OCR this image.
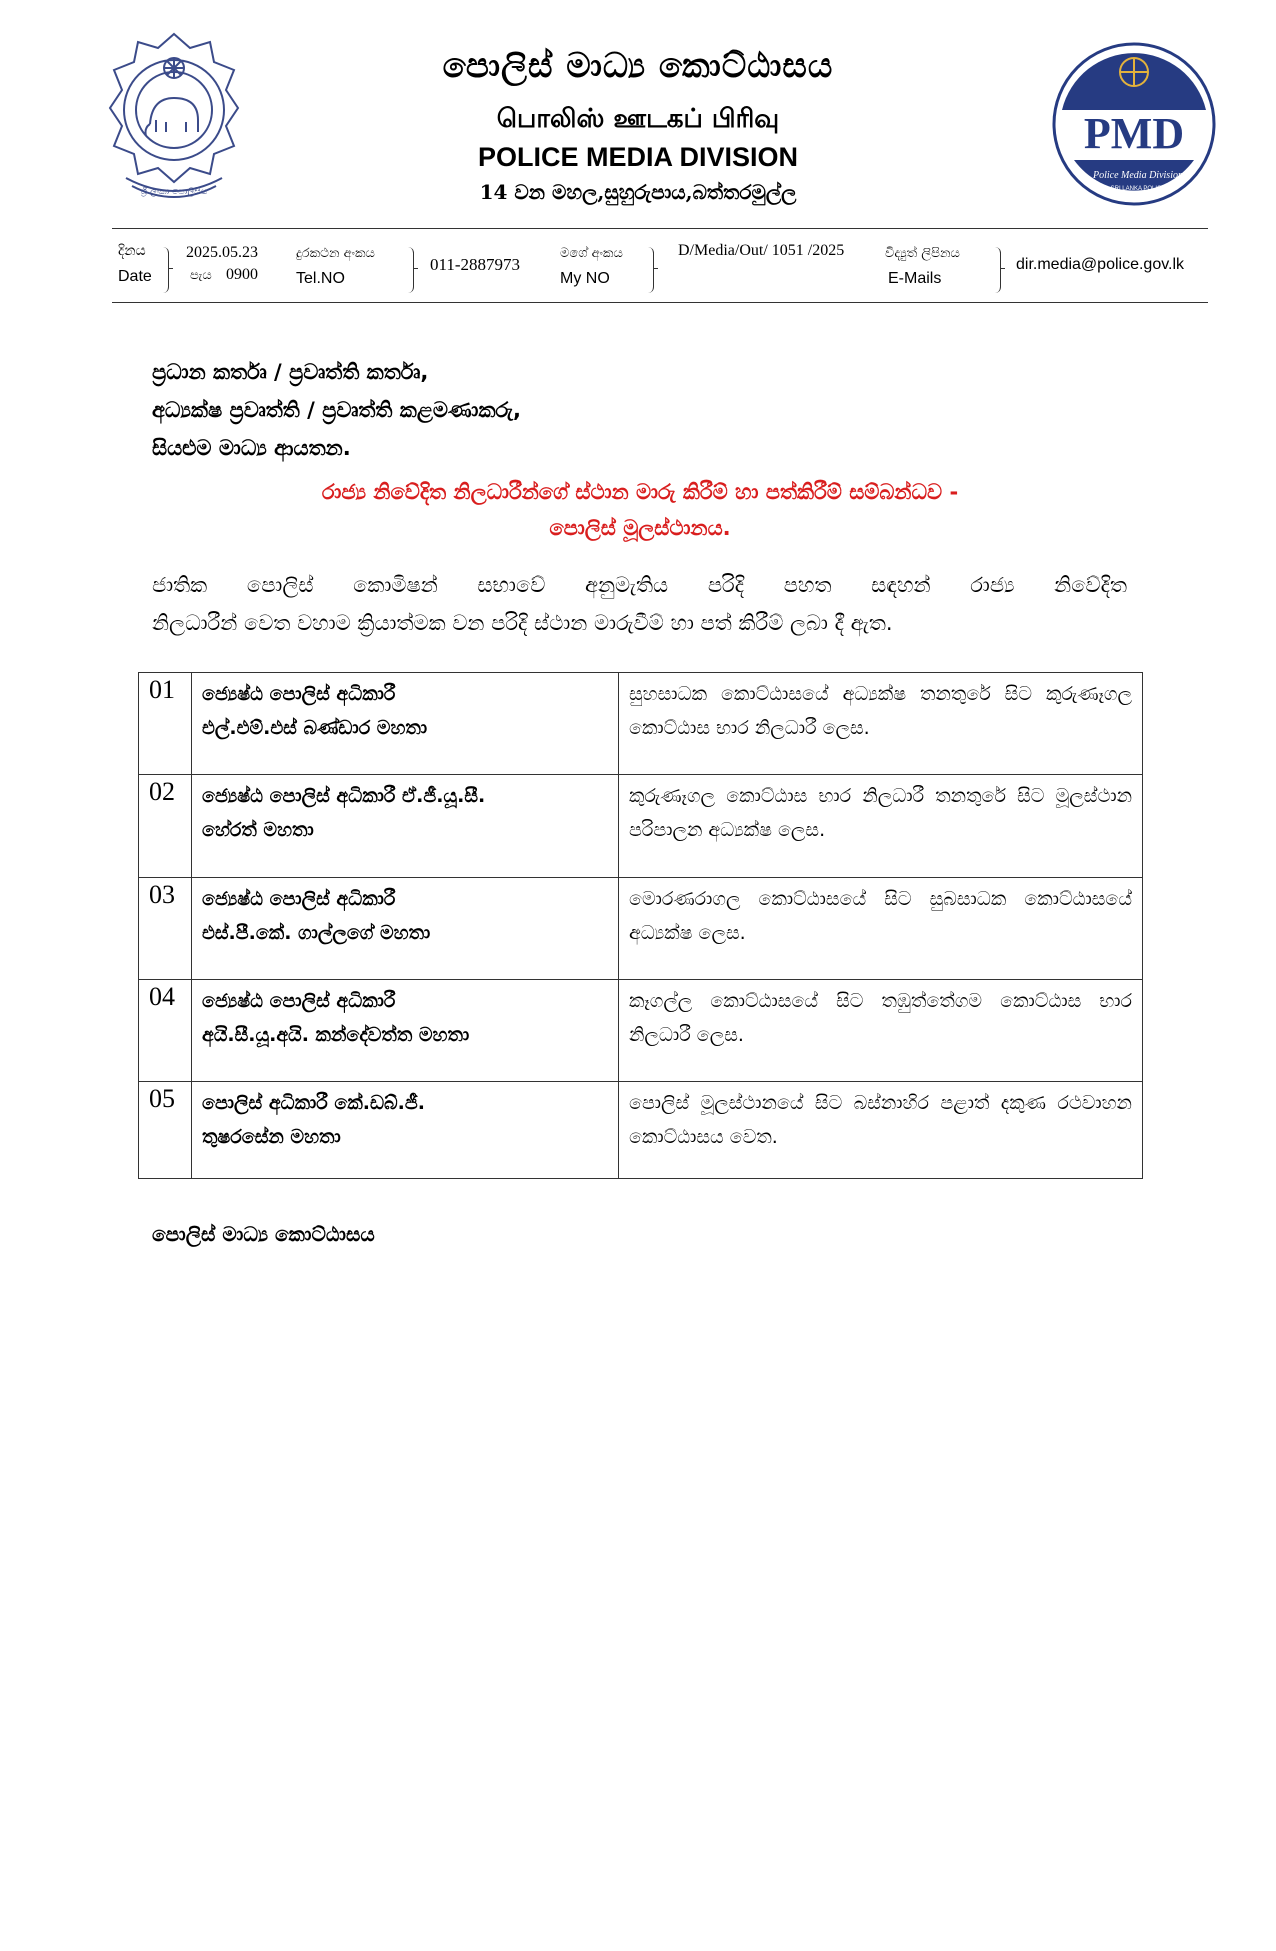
ශ්‍රී ලංකා පොලිසිය
PMD
Police Media Division
SRI LANKA POLICE
පොලිස් මාධ්‍ය කොට්ඨාසය
பொலிஸ் ஊடகப் பிரிவு
POLICE MEDIA DIVISION
14 වන මහල,සුහුරුපාය,බත්තරමුල්ල
දිනය
Date
2025.05.23
පැය 0900
දුරකථන අංකය
Tel.NO
011-2887973
මගේ අංකය
My NO
D/Media/Out/ 1051 /2025	විද්‍යුත් ලිපිනය
E-Mails
dir.media@police.gov.lk
ප්‍රධාන කර්තෘ / ප්‍රවෘත්ති කර්තෘ,
අධ්‍යක්ෂ ප්‍රවෘත්ති / ප්‍රවෘත්ති කළමණාකරු,
සියළුම මාධ්‍ය ආයතන.
රාජ්‍ය නිවේදිත නිලධාරීන්ගේ ස්ථාන මාරු කිරීම් හා පත්කිරීම් සම්බන්ධව -
පොලිස් මූලස්ථානය.
ජාතික පොලිස් කොමිෂන් සභාවේ අනුමැතිය පරිදි පහත සඳහන් රාජ්‍ය නිවේදිත
නිලධාරීන් වෙත වහාම ක්‍රියාත්මක වන පරිදි ස්ථාන මාරුවීම් හා පත් කිරීම් ලබා දී ඇත.
01	ජ්‍යෙෂ්ඨ පොලිස් අධිකාරී
එල්.එම්.එස් බණ්ඩාර මහතා	සුහසාධක කොට්ඨාසයේ අධ්‍යක්ෂ තනතුරේ සිට කුරුණෑගල කොට්ඨාස භාර නිලධාරී ලෙස.
02	ජ්‍යෙෂ්ඨ පොලිස් අධිකාරී ඒ.ජී.යූ.සී.
හේරත් මහතා	කුරුණෑගල කොට්ඨාස භාර නිලධාරී තනතුරේ සිට මූලස්ථාන පරිපාලන අධ්‍යක්ෂ ලෙස.
03	ජ්‍යෙෂ්ඨ පොලිස් අධිකාරී
එස්.පී.කේ. ගාල්ලගේ මහතා	මොරණරාගල කොට්ඨාසයේ සිට සුබසාධක කොට්ඨාසයේ අධ්‍යක්ෂ ලෙස.
04	ජ්‍යෙෂ්ඨ පොලිස් අධිකාරී
අයි.සී.යූ.අයි. කන්දේවත්ත මහතා	කෑගල්ල කොට්ඨාසයේ සිට තඹුත්තේගම කොට්ඨාස භාර නිලධාරී ලෙස.
05	පොලිස් අධිකාරී කේ.ඩබ්.ජී.
තුෂරසේන මහතා	පොලිස් මූලස්ථානයේ සිට බස්නාහිර පළාත් දකුණ රථවාහන කොට්ඨාසය වෙත.
පොලිස් මාධ්‍ය කොට්ඨාසය
